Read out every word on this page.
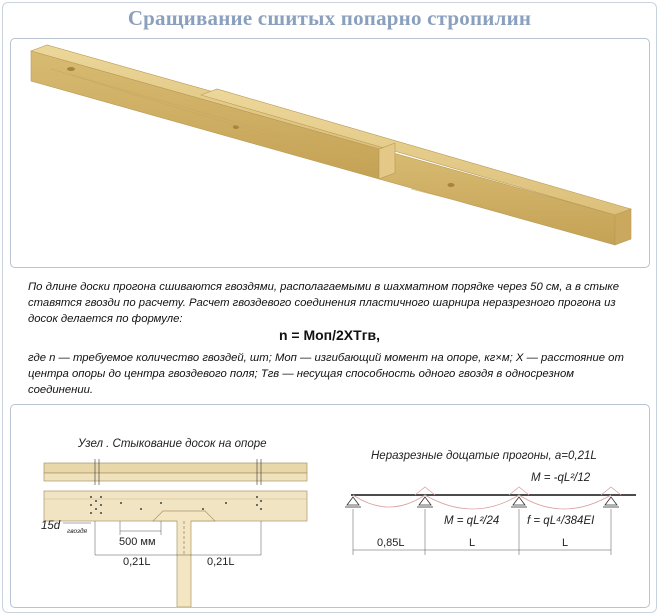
Сращивание сшитых попарно стропилин
По длине доски прогона сшиваются гвоздями, располагаемыми в шахматном порядке через 50 см, а в стыке ставятся гвозди по расчету. Расчет гвоздевого соединения пластичного шарнира неразрезного прогона из досок делается по формуле:
n = Mоп/2XTгв,
где n — требуемое количество гвоздей, шт; Mоп — изгибающий момент на опоре, кг×м; X — расстояние от центра опоры до центра гвоздевого поля; Tгв — несущая способность одного гвоздя в односрезном соединении.
Узел . Стыкование досок на опоре
500 мм
15d гвоздя
0,21L	0,21L
Неразрезные дощатые прогоны, а=0,21L
M = -qL²/12
M = qL²/24 f = qL⁴/384EI
0,85L	L	L
